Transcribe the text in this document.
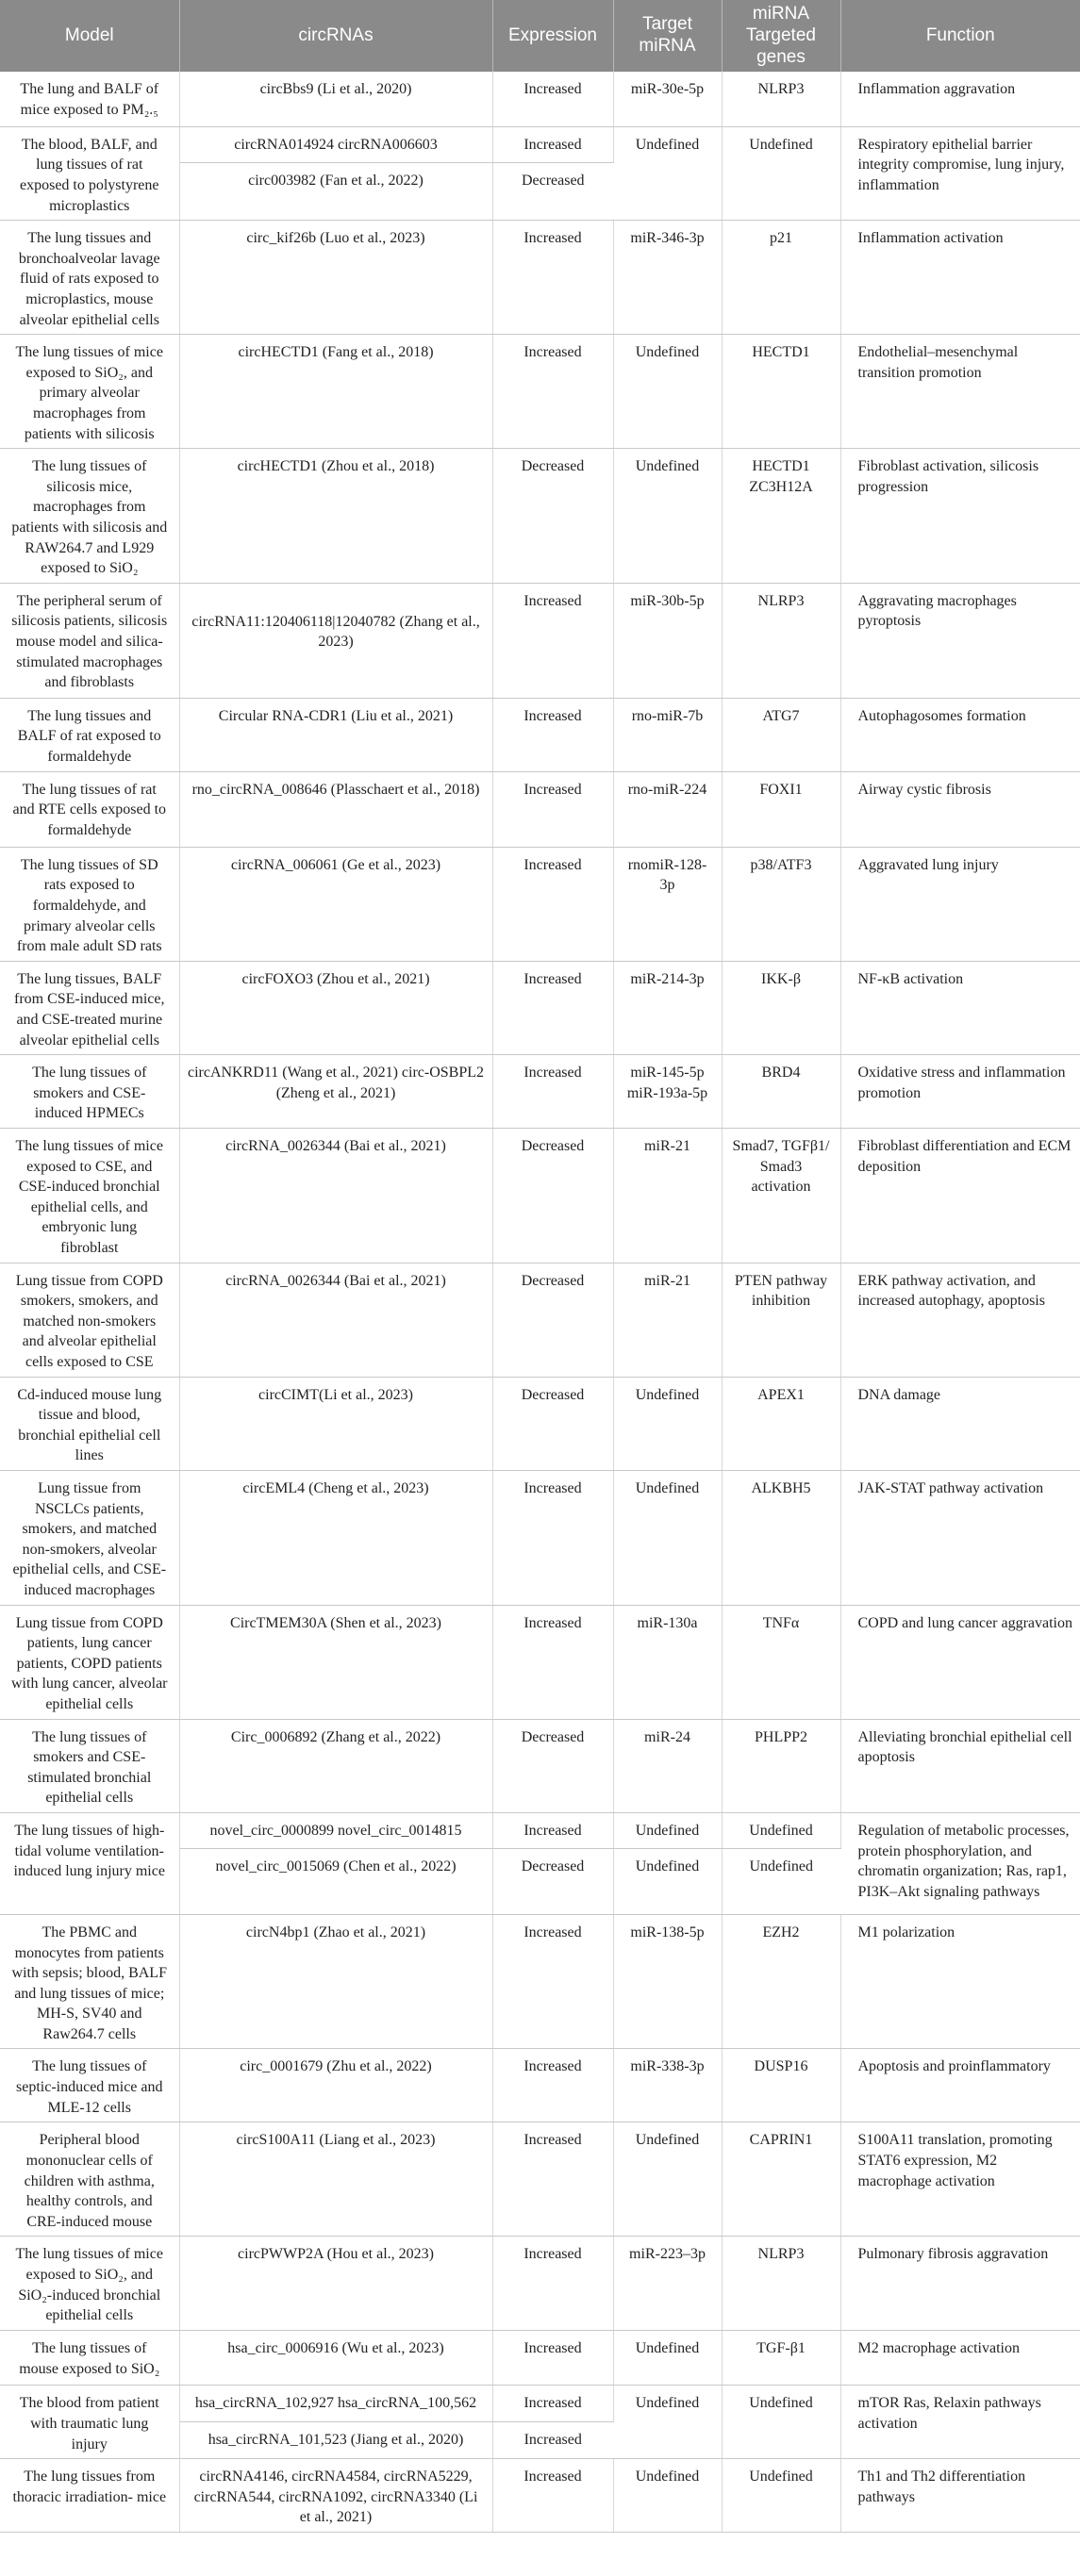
Model	circRNAs	Expression	Target miRNA	miRNA Targeted genes	Function
The lung and BALF of mice exposed to PM₂.₅	circBbs9 (Li et al., 2020)	Increased	miR-30e-5p	NLRP3	Inflammation aggravation
The blood, BALF, and lung tissues of rat exposed to polystyrene microplastics	circRNA014924 circRNA006603	Increased	Undefined	Undefined	Respiratory epithelial barrier integrity compromise, lung injury, inflammation
	circ003982 (Fan et al., 2022)	Decreased			
The lung tissues and bronchoalveolar lavage fluid of rats exposed to microplastics, mouse alveolar epithelial cells	circ_kif26b (Luo et al., 2023)	Increased	miR-346-3p	p21	Inflammation activation
The lung tissues of mice exposed to SiO₂, and primary alveolar macrophages from patients with silicosis	circHECTD1 (Fang et al., 2018)	Increased	Undefined	HECTD1	Endothelial–mesenchymal transition promotion
The lung tissues of silicosis mice, macrophages from patients with silicosis and RAW264.7 and L929 exposed to SiO₂	circHECTD1 (Zhou et al., 2018)	Decreased	Undefined	HECTD1 ZC3H12A	Fibroblast activation, silicosis progression
The peripheral serum of silicosis patients, silicosis mouse model and silica-stimulated macrophages and fibroblasts	circRNA11:120406118|12040782 (Zhang et al., 2023)	Increased	miR-30b-5p	NLRP3	Aggravating macrophages pyroptosis
The lung tissues and BALF of rat exposed to formaldehyde	Circular RNA-CDR1 (Liu et al., 2021)	Increased	rno-miR-7b	ATG7	Autophagosomes formation
The lung tissues of rat and RTE cells exposed to formaldehyde	rno_circRNA_008646 (Plasschaert et al., 2018)	Increased	rno-miR-224	FOXI1	Airway cystic fibrosis
The lung tissues of SD rats exposed to formaldehyde, and primary alveolar cells from male adult SD rats	circRNA_006061 (Ge et al., 2023)	Increased	rnomiR-128-3p	p38/ATF3	Aggravated lung injury
The lung tissues, BALF from CSE-induced mice, and CSE-treated murine alveolar epithelial cells	circFOXO3 (Zhou et al., 2021)	Increased	miR-214-3p	IKK-β	NF-κB activation
The lung tissues of smokers and CSE-induced HPMECs	circANKRD11 (Wang et al., 2021) circ-OSBPL2 (Zheng et al., 2021)	Increased	miR-145-5p miR-193a-5p	BRD4	Oxidative stress and inflammation promotion
The lung tissues of mice exposed to CSE, and CSE-induced bronchial epithelial cells, and embryonic lung fibroblast	circRNA_0026344 (Bai et al., 2021)	Decreased	miR-21	Smad7, TGFβ1/ Smad3 activation	Fibroblast differentiation and ECM deposition
Lung tissue from COPD smokers, smokers, and matched non-smokers and alveolar epithelial cells exposed to CSE	circRNA_0026344 (Bai et al., 2021)	Decreased	miR-21	PTEN pathway inhibition	ERK pathway activation, and increased autophagy, apoptosis
Cd-induced mouse lung tissue and blood, bronchial epithelial cell lines	circCIMT(Li et al., 2023)	Decreased	Undefined	APEX1	DNA damage
Lung tissue from NSCLCs patients, smokers, and matched non-smokers, alveolar epithelial cells, and CSE-induced macrophages	circEML4 (Cheng et al., 2023)	Increased	Undefined	ALKBH5	JAK-STAT pathway activation
Lung tissue from COPD patients, lung cancer patients, COPD patients with lung cancer, alveolar epithelial cells	CircTMEM30A (Shen et al., 2023)	Increased	miR-130a	TNFα	COPD and lung cancer aggravation
The lung tissues of smokers and CSE-stimulated bronchial epithelial cells	Circ_0006892 (Zhang et al., 2022)	Decreased	miR-24	PHLPP2	Alleviating bronchial epithelial cell apoptosis
The lung tissues of high-tidal volume ventilation-induced lung injury mice	novel_circ_0000899 novel_circ_0014815	Increased	Undefined	Undefined	Regulation of metabolic processes, protein phosphorylation, and chromatin organization; Ras, rap1, PI3K–Akt signaling pathways
	novel_circ_0015069 (Chen et al., 2022)	Decreased	Undefined	Undefined	
The PBMC and monocytes from patients with sepsis; blood, BALF and lung tissues of mice; MH-S, SV40 and Raw264.7 cells	circN4bp1 (Zhao et al., 2021)	Increased	miR-138-5p	EZH2	M1 polarization
The lung tissues of septic-induced mice and MLE-12 cells	circ_0001679 (Zhu et al., 2022)	Increased	miR-338-3p	DUSP16	Apoptosis and proinflammatory
Peripheral blood mononuclear cells of children with asthma, healthy controls, and CRE-induced mouse	circS100A11 (Liang et al., 2023)	Increased	Undefined	CAPRIN1	S100A11 translation, promoting STAT6 expression, M2 macrophage activation
The lung tissues of mice exposed to SiO₂, and SiO₂-induced bronchial epithelial cells	circPWWP2A (Hou et al., 2023)	Increased	miR-223–3p	NLRP3	Pulmonary fibrosis aggravation
The lung tissues of mouse exposed to SiO₂	hsa_circ_0006916 (Wu et al., 2023)	Increased	Undefined	TGF-β1	M2 macrophage activation
The blood from patient with traumatic lung injury	hsa_circRNA_102,927 hsa_circRNA_100,562	Increased	Undefined	Undefined	mTOR Ras, Relaxin pathways activation
	hsa_circRNA_101,523 (Jiang et al., 2020)	Increased			
The lung tissues from thoracic irradiation- mice	circRNA4146, circRNA4584, circRNA5229, circRNA544, circRNA1092, circRNA3340 (Li et al., 2021)	Increased	Undefined	Undefined	Th1 and Th2 differentiation pathways
